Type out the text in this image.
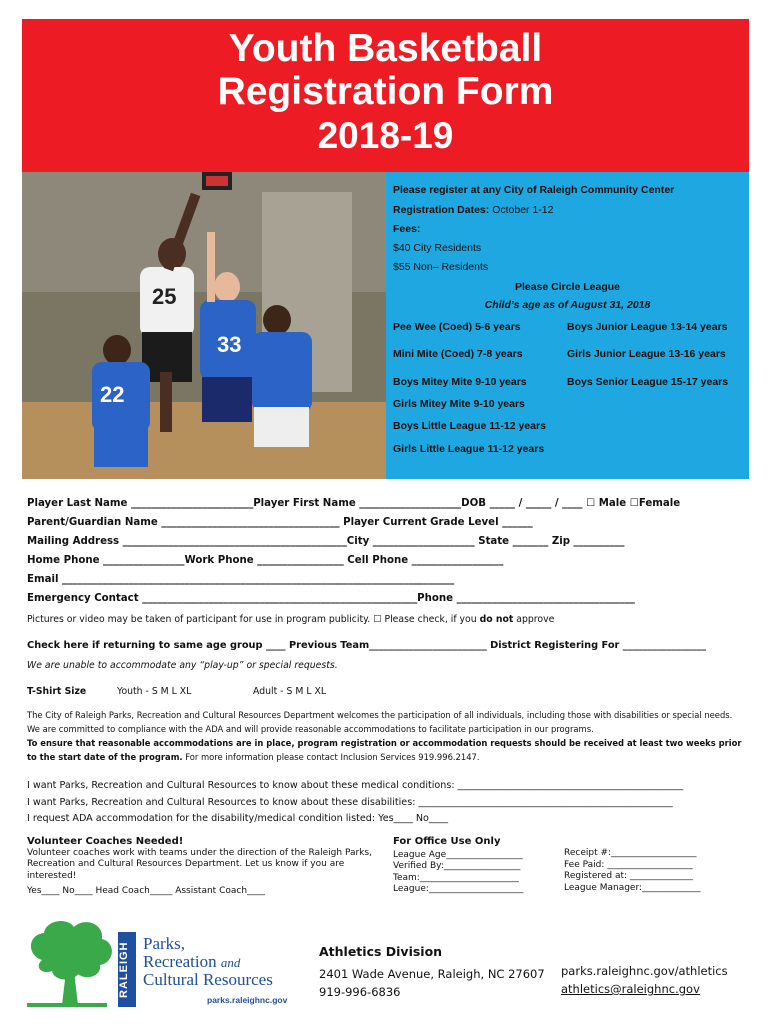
Youth Basketball
Registration Form
2018-19
25
33
22
Please register at any City of Raleigh Community Center
Registration Dates: October 1-12
Fees:
$40 City Residents
$55 Non– Residents
Please Circle League
Child’s age as of August 31, 2018
Pee Wee (Coed) 5-6 years
Mini Mite (Coed) 7-8 years
Boys Mitey Mite 9-10 years
Girls Mitey Mite 9-10 years
Boys Little League 11-12 years
Girls Little League 11-12 years
Boys Junior League 13-14 years
Girls Junior League 13-16 years
Boys Senior League 15-17 years
Player Last Name ________________________Player First Name ____________________DOB _____ / _____ / ____ ☐ Male ☐Female
Parent/Guardian Name ___________________________________ Player Current Grade Level ______
Mailing Address ____________________________________________City ____________________ State _______ Zip __________
Home Phone ________________Work Phone _________________ Cell Phone __________________
Email _____________________________________________________________________________
Emergency Contact ______________________________________________________Phone ___________________________________
Pictures or video may be taken of participant for use in program publicity. ☐ Please check, if you do not approve
Check here if returning to same age group ____ Previous Team________________________ District Registering For _________________
We are unable to accommodate any “play-up” or special requests.
T-Shirt Size	Youth - S M L XL	Adult - S M L XL
The City of Raleigh Parks, Recreation and Cultural Resources Department welcomes the participation of all individuals, including those with disabilities or special needs. We are committed to compliance with the ADA and will provide reasonable accommodations to facilitate participation in our programs.
To ensure that reasonable accommodations are in place, program registration or accommodation requests should be received at least two weeks prior to the start date of the program. For more information please contact Inclusion Services 919.996.2147.
I want Parks, Recreation and Cultural Resources to know about these medical conditions: _______________________________________________
I want Parks, Recreation and Cultural Resources to know about these disabilities: _____________________________________________________
I request ADA accommodation for the disability/medical condition listed: Yes____ No____
Volunteer Coaches Needed!
Volunteer coaches work with teams under the direction of the Raleigh Parks, Recreation and Cultural Resources Department. Let us know if you are interested!
Yes____ No____ Head Coach_____ Assistant Coach____
For Office Use Only
League Age_________________
Verified By:_________________
Team:______________________
League:_____________________
Receipt #:___________________
Fee Paid: ___________________
Registered at: ______________
League Manager:_____________
RALEIGH Parks,
Recreation and
Cultural Resources
parks.raleighnc.gov
Athletics Division
2401 Wade Avenue, Raleigh, NC 27607
919-996-6836
parks.raleighnc.gov/athletics
athletics@raleighnc.gov
